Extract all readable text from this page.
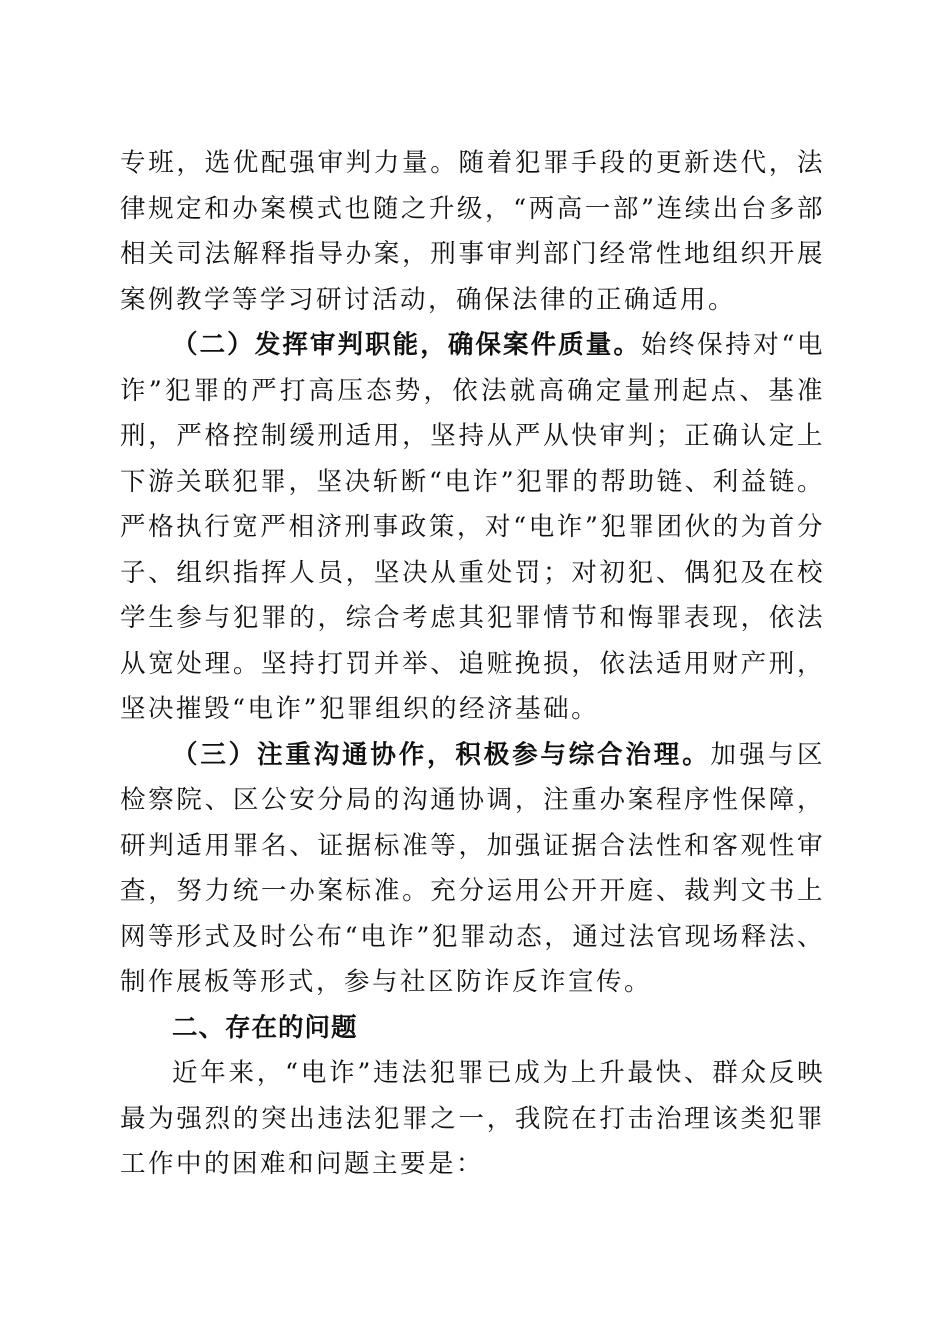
专班，选优配强审判力量。随着犯罪手段的更新迭代，法律规定和办案模式也随之升级，“两高一部”连续出台多部相关司法解释指导办案，刑事审判部门经常性地组织开展案例教学等学习研讨活动，确保法律的正确适用。

（二）发挥审判职能，确保案件质量。始终保持对“电诈”犯罪的严打高压态势，依法就高确定量刑起点、基准刑，严格控制缓刑适用，坚持从严从快审判；正确认定上下游关联犯罪，坚决斩断“电诈”犯罪的帮助链、利益链。严格执行宽严相济刑事政策，对“电诈”犯罪团伙的为首分子、组织指挥人员，坚决从重处罚；对初犯、偶犯及在校学生参与犯罪的，综合考虑其犯罪情节和悔罪表现，依法从宽处理。坚持打罚并举、追赃挽损，依法适用财产刑，坚决摧毁“电诈”犯罪组织的经济基础。

（三）注重沟通协作，积极参与综合治理。加强与区检察院、区公安分局的沟通协调，注重办案程序性保障，研判适用罪名、证据标准等，加强证据合法性和客观性审查，努力统一办案标准。充分运用公开开庭、裁判文书上网等形式及时公布“电诈”犯罪动态，通过法官现场释法、制作展板等形式，参与社区防诈反诈宣传。

二、存在的问题

近年来，“电诈”违法犯罪已成为上升最快、群众反映最为强烈的突出违法犯罪之一，我院在打击治理该类犯罪工作中的困难和问题主要是：
